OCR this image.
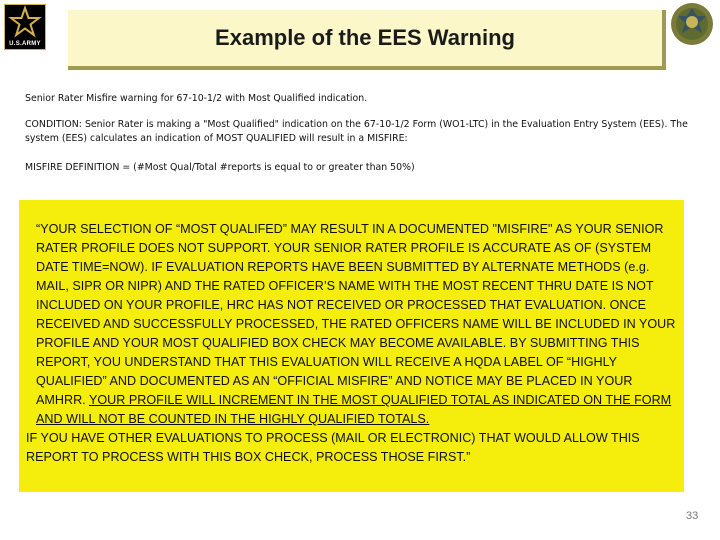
U.S.ARMY	Example of the EES Warning
Senior Rater Misfire warning for 67-10-1/2 with Most Qualified indication.
CONDITION: Senior Rater is making a "Most Qualified" indication on the 67-10-1/2 Form (WO1-LTC) in the Evaluation Entry System (EES). The system (EES) calculates an indication of MOST QUALIFIED will result in a MISFIRE:
MISFIRE DEFINITION = (#Most Qual/Total #reports is equal to or greater than 50%)

“YOUR SELECTION OF “MOST QUALIFED” MAY RESULT IN A DOCUMENTED "MISFIRE" AS YOUR SENIOR RATER PROFILE DOES NOT SUPPORT. YOUR SENIOR RATER PROFILE IS ACCURATE AS OF (SYSTEM DATE TIME=NOW). IF EVALUATION REPORTS HAVE BEEN SUBMITTED BY ALTERNATE METHODS (e.g. MAIL, SIPR OR NIPR) AND THE RATED OFFICER’S NAME WITH THE MOST RECENT THRU DATE IS NOT INCLUDED ON YOUR PROFILE, HRC HAS NOT RECEIVED OR PROCESSED THAT EVALUATION. ONCE RECEIVED AND SUCCESSFULLY PROCESSED, THE RATED OFFICERS NAME WILL BE INCLUDED IN YOUR PROFILE AND YOUR MOST QUALIFIED BOX CHECK MAY BECOME AVAILABLE. BY SUBMITTING THIS REPORT, YOU UNDERSTAND THAT THIS EVALUATION WILL RECEIVE A HQDA LABEL OF “HIGHLY QUALIFIED” AND DOCUMENTED AS AN “OFFICIAL MISFIRE” AND NOTICE MAY BE PLACED IN YOUR AMHRR. YOUR PROFILE WILL INCREMENT IN THE MOST QUALIFIED TOTAL AS INDICATED ON THE FORM AND WILL NOT BE COUNTED IN THE HIGHLY QUALIFIED TOTALS.

IF YOU HAVE OTHER EVALUATIONS TO PROCESS (MAIL OR ELECTRONIC) THAT WOULD ALLOW THIS REPORT TO PROCESS WITH THIS BOX CHECK, PROCESS THOSE FIRST.”

33
